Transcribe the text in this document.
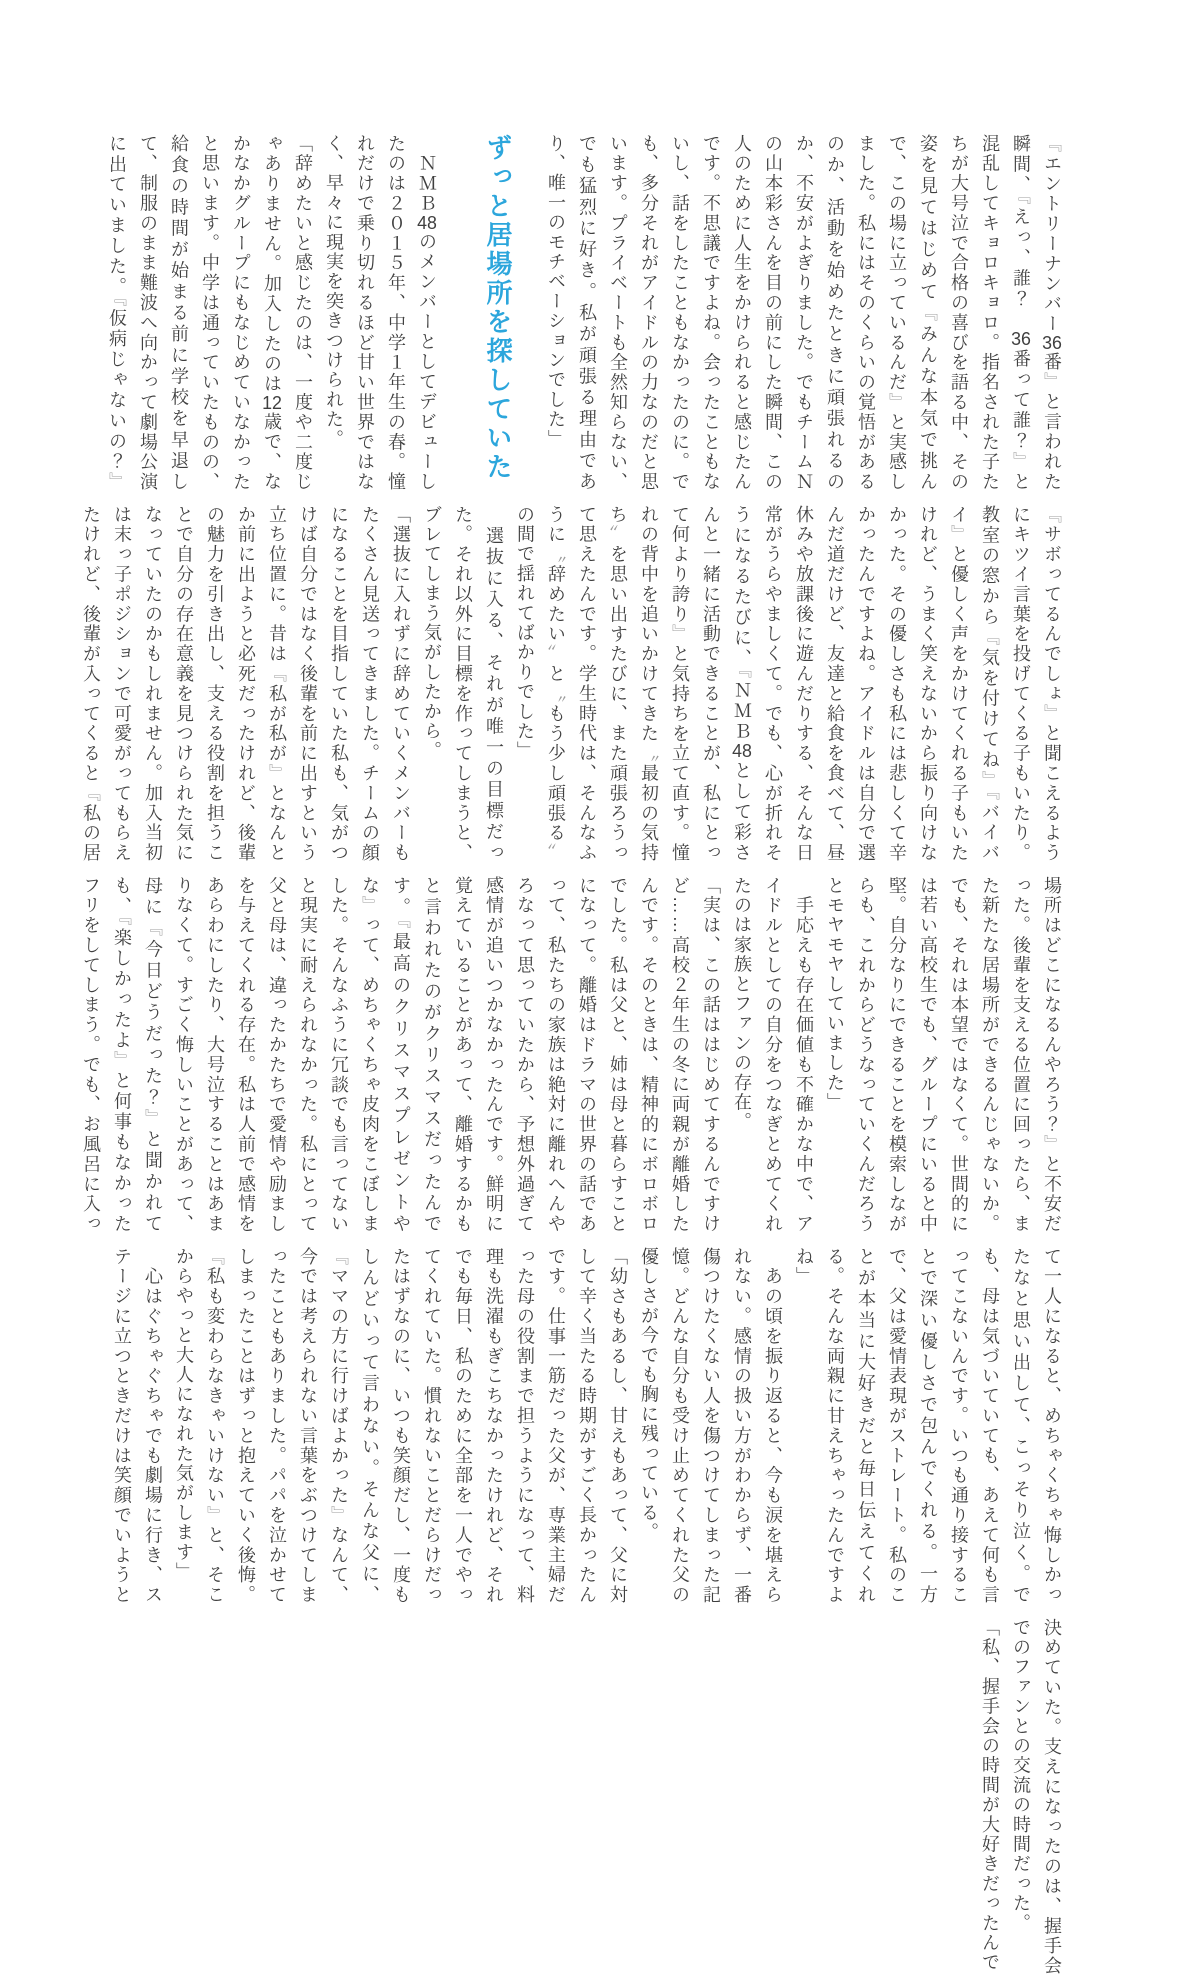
『エントリーナンバー36番』と言われた瞬間、『えっ、誰？　36番って誰？』と混乱してキョロキョロ。指名された子たちが大号泣で合格の喜びを語る中、その姿を見てはじめて『みんな本気で挑んで、この場に立っているんだ』と実感しました。私にはそのくらいの覚悟があるのか、活動を始めたときに頑張れるのか、不安がよぎりました。でもチームＮの山本彩さんを目の前にした瞬間、この人のために人生をかけられると感じたんです。不思議ですよね。会ったこともないし、話をしたこともなかったのに。でも、多分それがアイドルの力なのだと思います。プライベートも全然知らない、でも猛烈に好き。私が頑張る理由であり、唯一のモチベーションでした」

ずっと居場所を探していた

　ＮＭＢ48のメンバーとしてデビューしたのは２０１５年、中学１年生の春。憧れだけで乗り切れるほど甘い世界ではなく、早々に現実を突きつけられた。

「辞めたいと感じたのは、一度や二度じゃありません。加入したのは12歳で、なかなかグループにもなじめていなかったと思います。中学は通っていたものの、給食の時間が始まる前に学校を早退して、制服のまま難波へ向かって劇場公演に出ていました。『仮病じゃないの？』『サボってるんでしょ』と聞こえるようにキツイ言葉を投げてくる子もいたり。教室の窓から『気を付けてね』『バイバイ』と優しく声をかけてくれる子もいたけれど、うまく笑えないから振り向けなかった。その優しさも私には悲しくて辛かったんですよね。アイドルは自分で選んだ道だけど、友達と給食を食べて、昼休みや放課後に遊んだりする、そんな日常がうらやましくて。でも、心が折れそうになるたびに、『ＮＭＢ48として彩さんと一緒に活動できることが、私にとって何より誇り』と気持ちを立て直す。憧れの背中を追いかけてきた〝最初の気持ち〟を思い出すたびに、また頑張ろうって思えたんです。学生時代は、そんなふうに〝辞めたい〟と〝もう少し頑張る〟の間で揺れてばかりでした」

　選抜に入る、それが唯一の目標だった。それ以外に目標を作ってしまうと、ブレてしまう気がしたから。

「選抜に入れずに辞めていくメンバーもたくさん見送ってきました。チームの顔になることを目指していた私も、気がつけば自分ではなく後輩を前に出すという立ち位置に。昔は『私が私が』となんとか前に出ようと必死だったけれど、後輩の魅力を引き出し、支える役割を担うことで自分の存在意義を見つけられた気になっていたのかもしれません。加入当初は末っ子ポジションで可愛がってもらえたけれど、後輩が入ってくると『私の居場所はどこになるんやろう？』と不安だった。後輩を支える位置に回ったら、また新たな居場所ができるんじゃないか。でも、それは本望ではなくて。世間的には若い高校生でも、グループにいると中堅。自分なりにできることを模索しながらも、これからどうなっていくんだろうとモヤモヤしていました」

　手応えも存在価値も不確かな中で、アイドルとしての自分をつなぎとめてくれたのは家族とファンの存在。

「実は、この話ははじめてするんですけど……高校２年生の冬に両親が離婚したんです。そのときは、精神的にボロボロでした。私は父と、姉は母と暮らすことになって。離婚はドラマの世界の話であって、私たちの家族は絶対に離れへんやろなって思っていたから、予想外過ぎて感情が追いつかなかったんです。鮮明に覚えていることがあって、離婚するかもと言われたのがクリスマスだったんです。『最高のクリスマスプレゼントやな』って、めちゃくちゃ皮肉をこぼしました。そんなふうに冗談でも言ってないと現実に耐えられなかった。私にとって父と母は、違ったかたちで愛情や励ましを与えてくれる存在。私は人前で感情をあらわにしたり、大号泣することはあまりなくて。すごく悔しいことがあって、母に『今日どうだった？』と聞かれても、『楽しかったよ』と何事もなかったフリをしてしまう。でも、お風呂に入って一人になると、めちゃくちゃ悔しかったなと思い出して、こっそり泣く。でも、母は気づいていても、あえて何も言ってこないんです。いつも通り接することで深い優しさで包んでくれる。一方で、父は愛情表現がストレート。私のことが本当に大好きだと毎日伝えてくれる。そんな両親に甘えちゃったんですよね」

　あの頃を振り返ると、今も涙を堪えられない。感情の扱い方がわからず、一番傷つけたくない人を傷つけてしまった記憶。どんな自分も受け止めてくれた父の優しさが今でも胸に残っている。

「幼さもあるし、甘えもあって、父に対して辛く当たる時期がすごく長かったんです。仕事一筋だった父が、専業主婦だった母の役割まで担うようになって、料理も洗濯もぎこちなかったけれど、それでも毎日、私のために全部を一人でやってくれていた。慣れないことだらけだったはずなのに、いつも笑顔だし、一度もしんどいって言わない。そんな父に、『ママの方に行けばよかった』なんて、今では考えられない言葉をぶつけてしまったこともありました。パパを泣かせてしまったことはずっと抱えていく後悔。『私も変わらなきゃいけない』と、そこからやっと大人になれた気がします」

　心はぐちゃぐちゃでも劇場に行き、ステージに立つときだけは笑顔でいようと決めていた。支えになったのは、握手会でのファンとの交流の時間だった。

「私、握手会の時間が大好きだったんで
